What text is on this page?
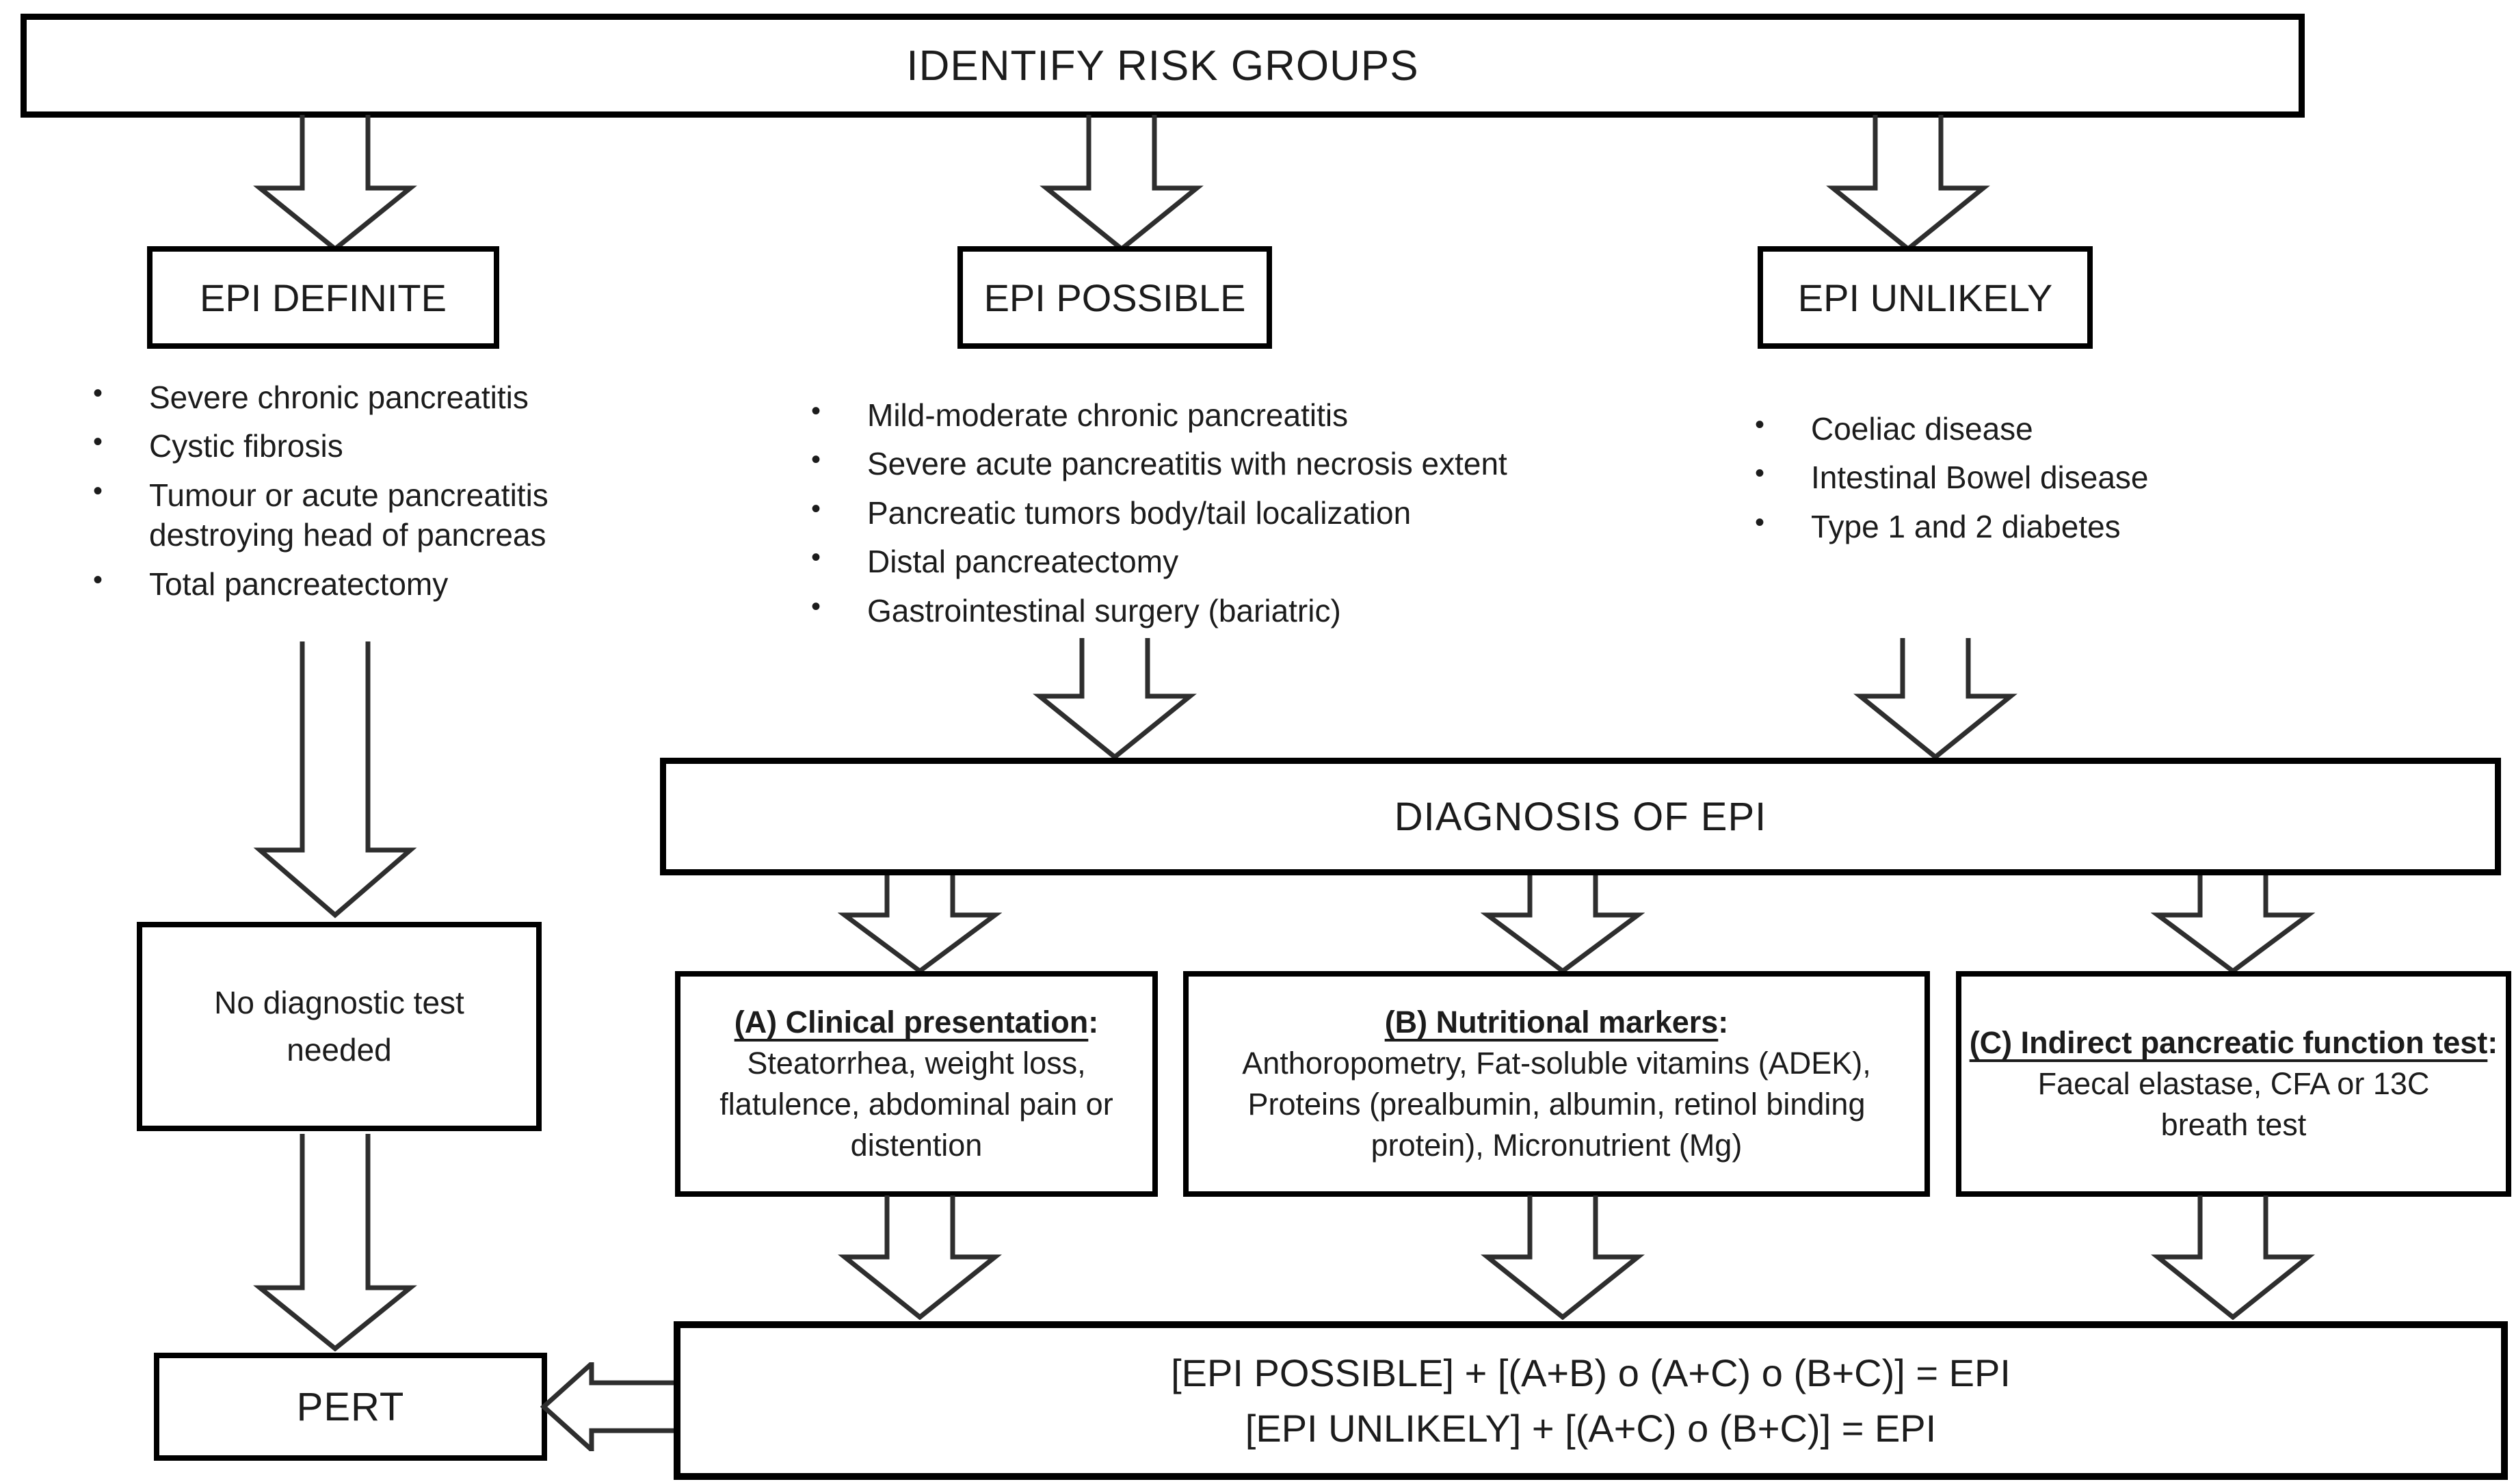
IDENTIFY RISK GROUPS
EPI DEFINITE	EPI POSSIBLE	EPI UNLIKELY
• Severe chronic pancreatitis
• Cystic fibrosis
• Tumour or acute pancreatitis destroying head of pancreas
• Total pancreatectomy
• Mild-moderate chronic pancreatitis
• Severe acute pancreatitis with necrosis extent
• Pancreatic tumors body/tail localization
• Distal pancreatectomy
• Gastrointestinal surgery (bariatric)
• Coeliac disease
• Intestinal Bowel disease
• Type 1 and 2 diabetes
DIAGNOSIS OF EPI
(A) Clinical presentation:
Steatorrhea, weight loss, flatulence, abdominal pain or distention
(B) Nutritional markers:
Anthoropometry, Fat-soluble vitamins (ADEK), Proteins (prealbumin, albumin, retinol binding protein), Micronutrient (Mg)
(C) Indirect pancreatic function test:
Faecal elastase, CFA or 13C breath test
No diagnostic test needed
PERT
[EPI POSSIBLE] + [(A+B) o (A+C) o (B+C)] = EPI
[EPI UNLIKELY] + [(A+C) o (B+C)] = EPI
